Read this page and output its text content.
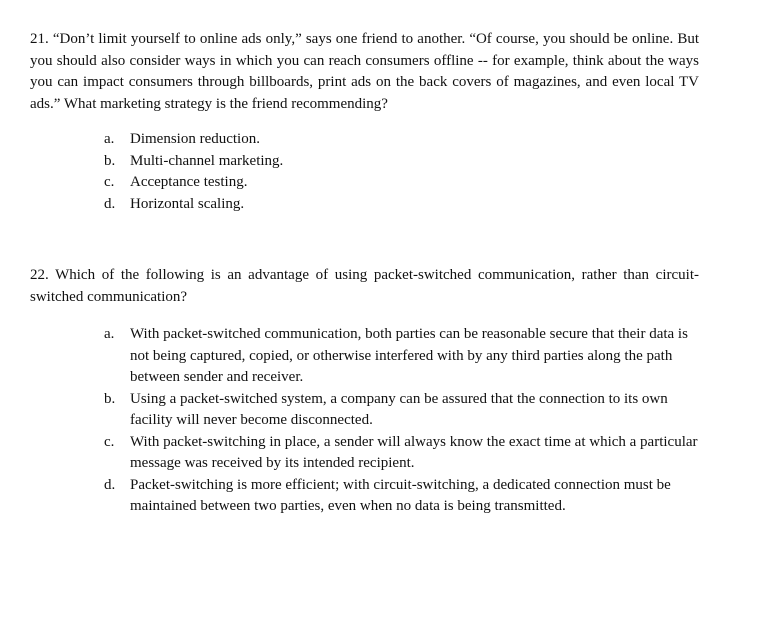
21. “Don’t limit yourself to online ads only,” says one friend to another. “Of course, you should be online. But you should also consider ways in which you can reach consumers offline -- for example, think about the ways you can impact consumers through billboards, print ads on the back covers of magazines, and even local TV ads.” What marketing strategy is the friend recommending?

a.	Dimension reduction.
b. Multi-channel marketing.
c.	Acceptance testing.
d. Horizontal scaling.

22. Which of the following is an advantage of using packet-switched communication, rather than circuit-switched communication?

a.	With packet-switched communication, both parties can be reasonable secure that their data is not being captured, copied, or otherwise interfered with by any third parties along the path between sender and receiver.
b. Using a packet-switched system, a company can be assured that the connection to its own facility will never become disconnected.
c.	With packet-switching in place, a sender will always know the exact time at which a particular message was received by its intended recipient.
d. Packet-switching is more efficient; with circuit-switching, a dedicated connection must be maintained between two parties, even when no data is being transmitted.
